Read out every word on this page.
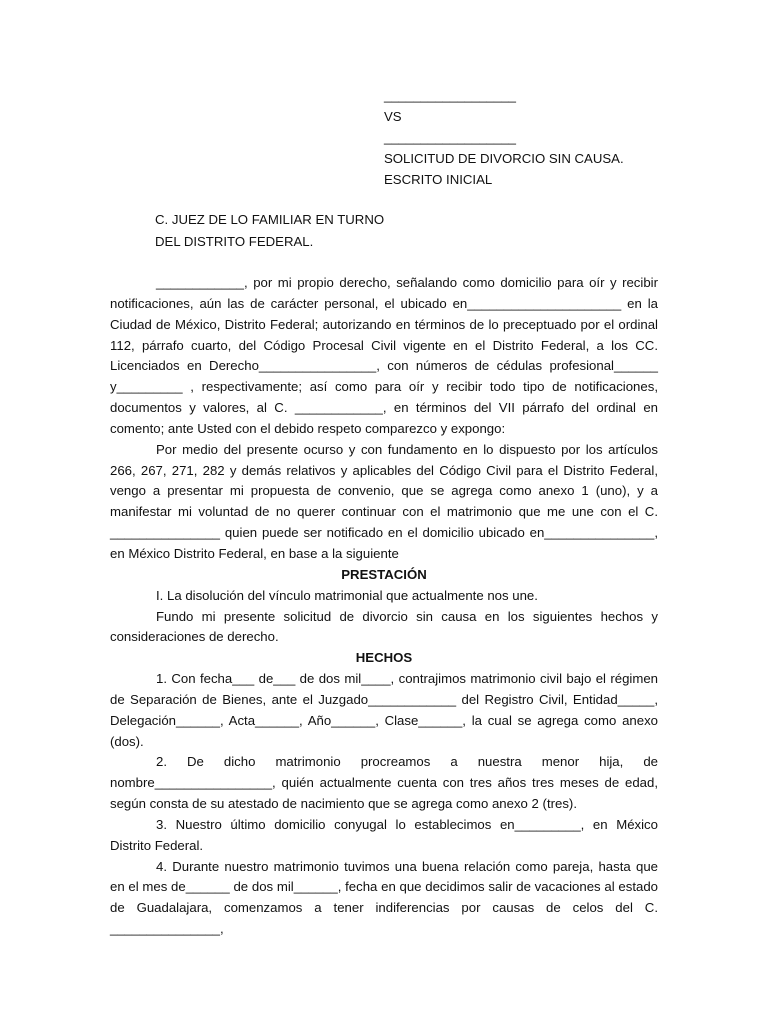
__________________
VS
__________________
SOLICITUD DE DIVORCIO SIN CAUSA.
ESCRITO INICIAL
C. JUEZ DE LO FAMILIAR EN TURNO
DEL DISTRITO FEDERAL.

____________, por mi propio derecho, señalando como domicilio para oír y recibir notificaciones, aún las de carácter personal, el ubicado en_____________________ en la Ciudad de México, Distrito Federal; autorizando en términos de lo preceptuado por el ordinal 112, párrafo cuarto, del Código Procesal Civil vigente en el Distrito Federal, a los CC. Licenciados en Derecho________________, con números de cédulas profesional______ y_________ , respectivamente; así como para oír y recibir todo tipo de notificaciones, documentos y valores, al C. ____________, en términos del VII párrafo del ordinal en comento; ante Usted con el debido respeto comparezco y expongo:

Por medio del presente ocurso y con fundamento en lo dispuesto por los artículos 266, 267, 271, 282 y demás relativos y aplicables del Código Civil para el Distrito Federal, vengo a presentar mi propuesta de convenio, que se agrega como anexo 1 (uno), y a manifestar mi voluntad de no querer continuar con el matrimonio que me une con el C. _______________ quien puede ser notificado en el domicilio ubicado en_______________, en México Distrito Federal, en base a la siguiente

PRESTACIÓN

I. La disolución del vínculo matrimonial que actualmente nos une.

Fundo mi presente solicitud de divorcio sin causa en los siguientes hechos y consideraciones de derecho.

HECHOS

1. Con fecha___ de___ de dos mil____, contrajimos matrimonio civil bajo el régimen de Separación de Bienes, ante el Juzgado____________ del Registro Civil, Entidad_____, Delegación______, Acta______, Año______, Clase______, la cual se agrega como anexo (dos).

2. De dicho matrimonio procreamos a nuestra menor hija, de nombre________________, quién actualmente cuenta con tres años tres meses de edad, según consta de su atestado de nacimiento que se agrega como anexo 2 (tres).

3. Nuestro último domicilio conyugal lo establecimos en_________, en México Distrito Federal.

4. Durante nuestro matrimonio tuvimos una buena relación como pareja, hasta que en el mes de______ de dos mil______, fecha en que decidimos salir de vacaciones al estado de Guadalajara, comenzamos a tener indiferencias por causas de celos del C. _______________,
